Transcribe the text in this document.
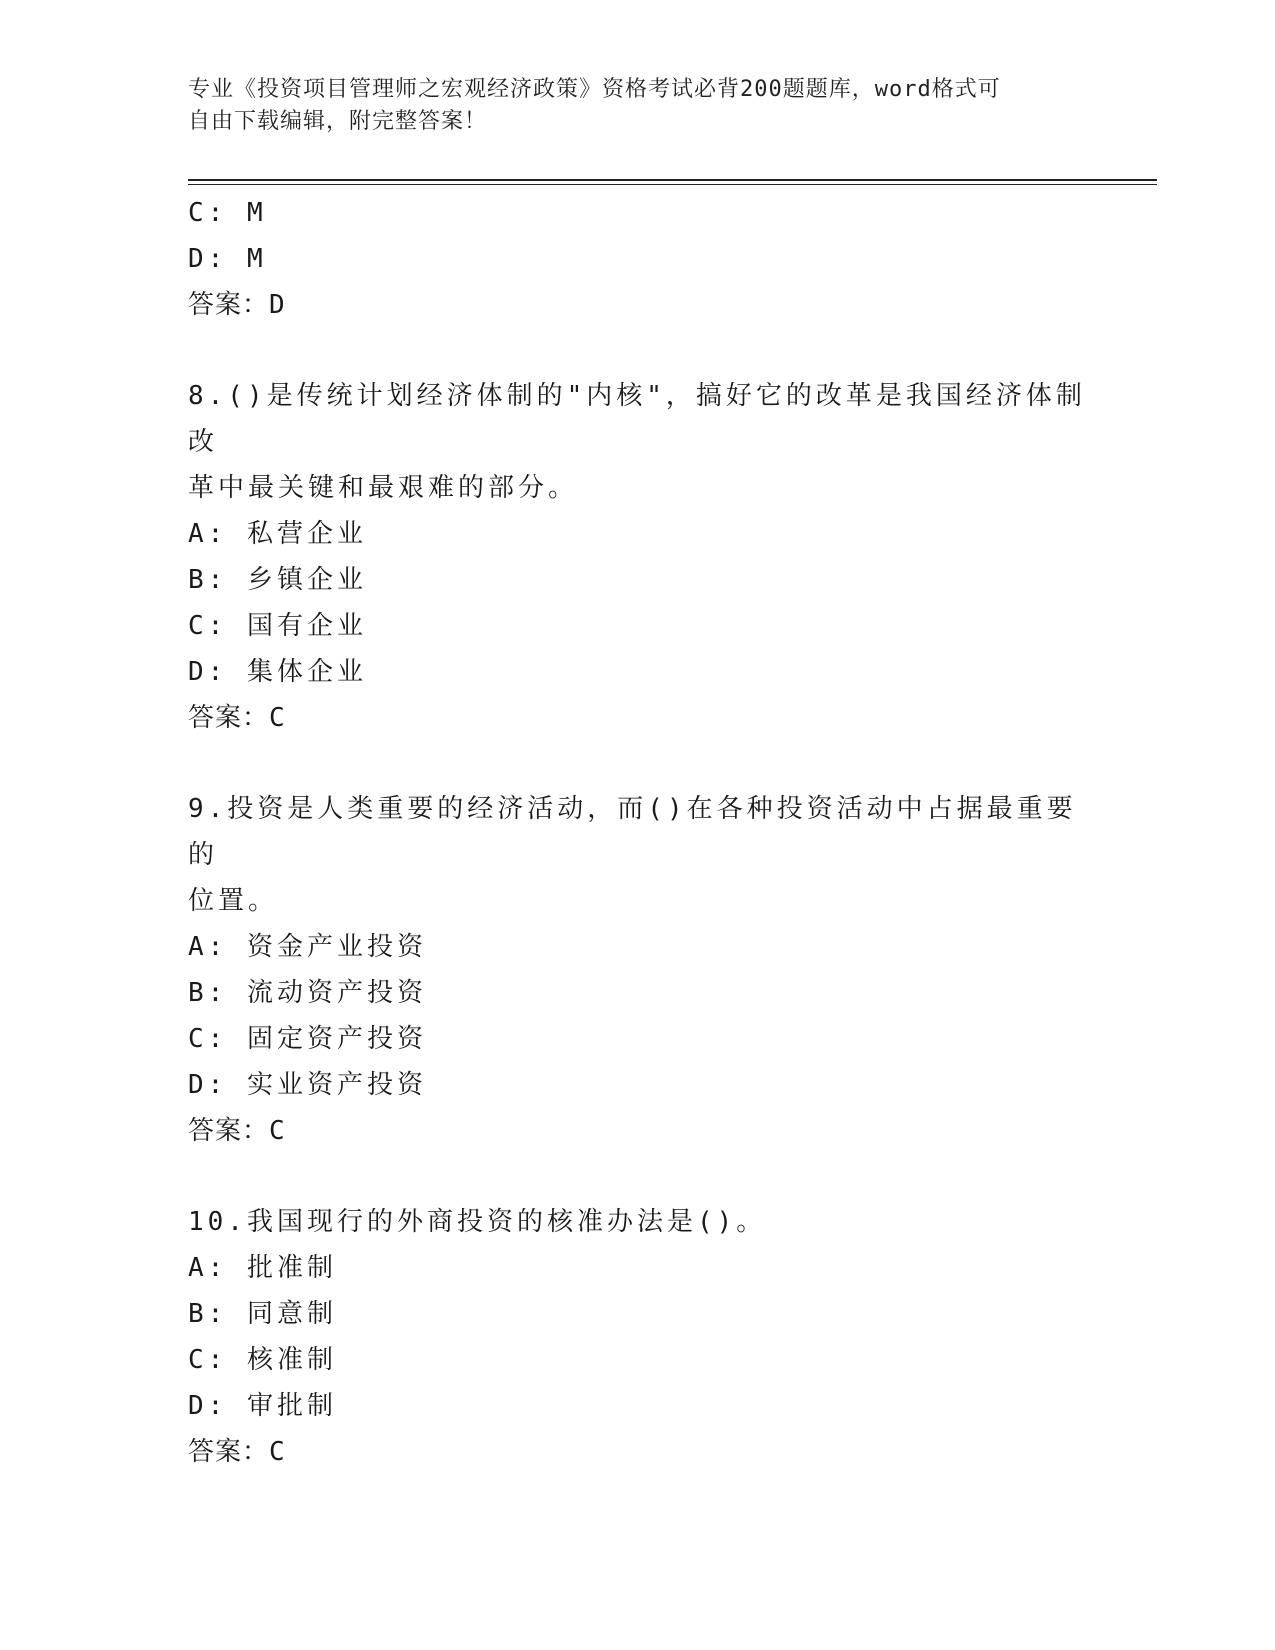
专业《投资项目管理师之宏观经济政策》资格考试必背200题题库，word格式可
自由下载编辑，附完整答案！
C: M
D: M
答案：D
8.()是传统计划经济体制的"内核"，搞好它的改革是我国经济体制改
革中最关键和最艰难的部分。
A: 私营企业
B: 乡镇企业
C: 国有企业
D: 集体企业
答案：C
9.投资是人类重要的经济活动，而()在各种投资活动中占据最重要的
位置。
A: 资金产业投资
B: 流动资产投资
C: 固定资产投资
D: 实业资产投资
答案：C
10.我国现行的外商投资的核准办法是()。
A: 批准制
B: 同意制
C: 核准制
D: 审批制
答案：C
